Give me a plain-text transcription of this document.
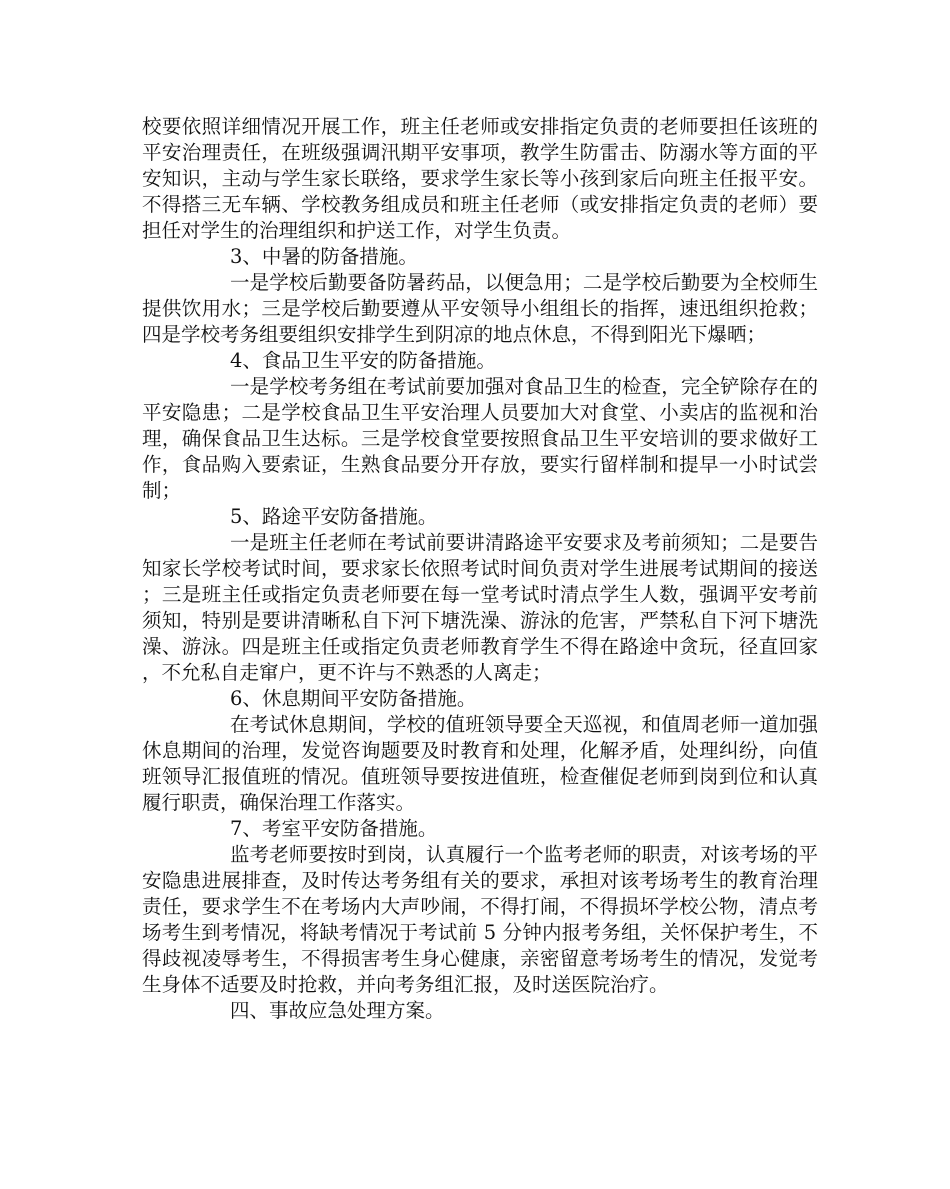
校要依照详细情况开展工作，班主任老师或安排指定负责的老师要担任该班的平安治理责任，在班级强调汛期平安事项，教学生防雷击、防溺水等方面的平安知识，主动与学生家长联络，要求学生家长等小孩到家后向班主任报平安。不得搭三无车辆、学校教务组成员和班主任老师（或安排指定负责的老师）要担任对学生的治理组织和护送工作，对学生负责。

3、中暑的防备措施。

一是学校后勤要备防暑药品，以便急用；二是学校后勤要为全校师生提供饮用水；三是学校后勤要遵从平安领导小组组长的指挥，速迅组织抢救；四是学校考务组要组织安排学生到阴凉的地点休息，不得到阳光下爆晒；

4、食品卫生平安的防备措施。

一是学校考务组在考试前要加强对食品卫生的检查，完全铲除存在的平安隐患；二是学校食品卫生平安治理人员要加大对食堂、小卖店的监视和治理，确保食品卫生达标。三是学校食堂要按照食品卫生平安培训的要求做好工作，食品购入要索证，生熟食品要分开存放，要实行留样制和提早一小时试尝制；

5、路途平安防备措施。

一是班主任老师在考试前要讲清路途平安要求及考前须知；二是要告知家长学校考试时间，要求家长依照考试时间负责对学生进展考试期间的接送；三是班主任或指定负责老师要在每一堂考试时清点学生人数，强调平安考前须知，特别是要讲清晰私自下河下塘洗澡、游泳的危害，严禁私自下河下塘洗澡、游泳。四是班主任或指定负责老师教育学生不得在路途中贪玩，径直回家，不允私自走窜户，更不许与不熟悉的人离走；

6、休息期间平安防备措施。

在考试休息期间，学校的值班领导要全天巡视，和值周老师一道加强休息期间的治理，发觉咨询题要及时教育和处理，化解矛盾，处理纠纷，向值班领导汇报值班的情况。值班领导要按进值班，检查催促老师到岗到位和认真履行职责，确保治理工作落实。

7、考室平安防备措施。

监考老师要按时到岗，认真履行一个监考老师的职责，对该考场的平安隐患进展排查，及时传达考务组有关的要求，承担对该考场考生的教育治理责任，要求学生不在考场内大声吵闹，不得打闹，不得损坏学校公物，清点考场考生到考情况，将缺考情况于考试前 5 分钟内报考务组，关怀保护考生，不得歧视凌辱考生，不得损害考生身心健康，亲密留意考场考生的情况，发觉考生身体不适要及时抢救，并向考务组汇报，及时送医院治疗。

四、事故应急处理方案。
